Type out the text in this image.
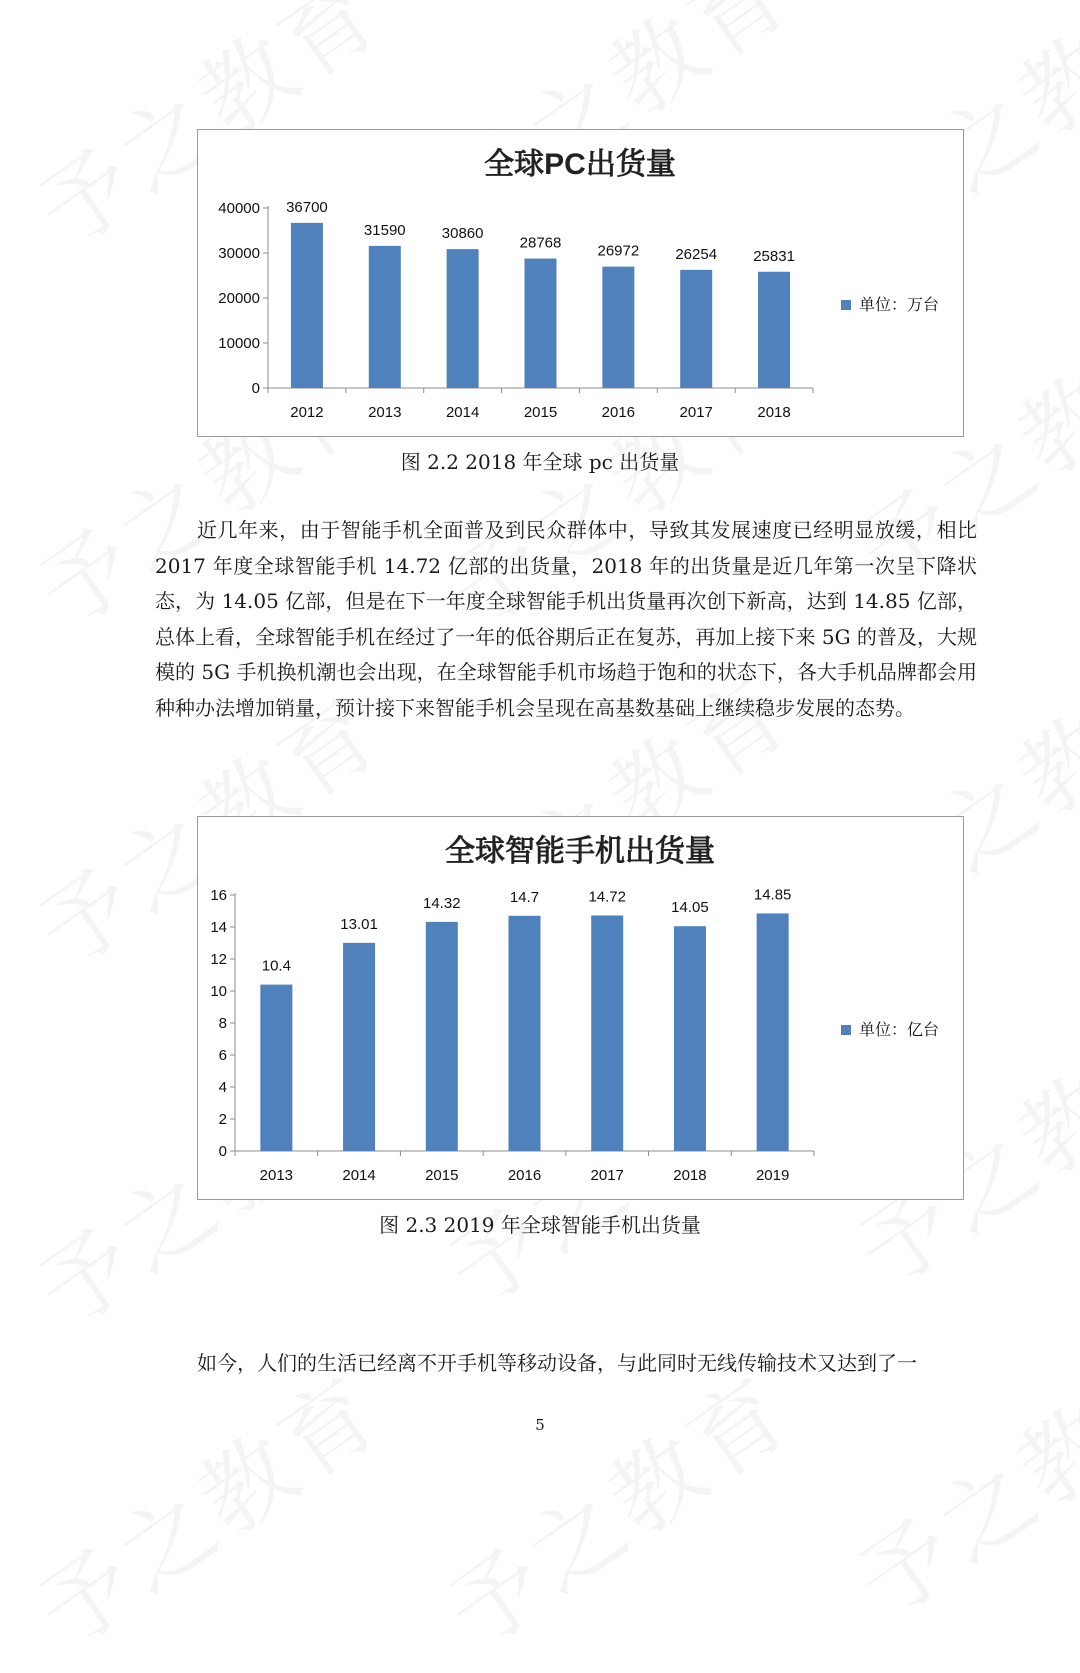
全球PC出货量
0
10000
20000
30000
40000
2012
36700
2013
31590
2014
30860
2015
28768
2016
26972
2017
26254
2018
25831
单位：万台
图 2.2 2018 年全球 pc 出货量
近几年来，由于智能手机全面普及到民众群体中，导致其发展速度已经明显放缓，相比 2017 年度全球智能手机 14.72 亿部的出货量，2018 年的出货量是近几年第一次呈下降状态，为 14.05 亿部，但是在下一年度全球智能手机出货量再次创下新高，达到 14.85 亿部，总体上看，全球智能手机在经过了一年的低谷期后正在复苏，再加上接下来 5G 的普及，大规模的 5G 手机换机潮也会出现，在全球智能手机市场趋于饱和的状态下，各大手机品牌都会用种种办法增加销量，预计接下来智能手机会呈现在高基数基础上继续稳步发展的态势。
全球智能手机出货量
0
2
4
6
8
10
12
14
16
2013
10.4
2014
13.01
2015
14.32
2016
14.7
2017
14.72
2018
14.05
2019
14.85
单位：亿台
图 2.3 2019 年全球智能手机出货量
如今，人们的生活已经离不开手机等移动设备，与此同时无线传输技术又达到了一
5
